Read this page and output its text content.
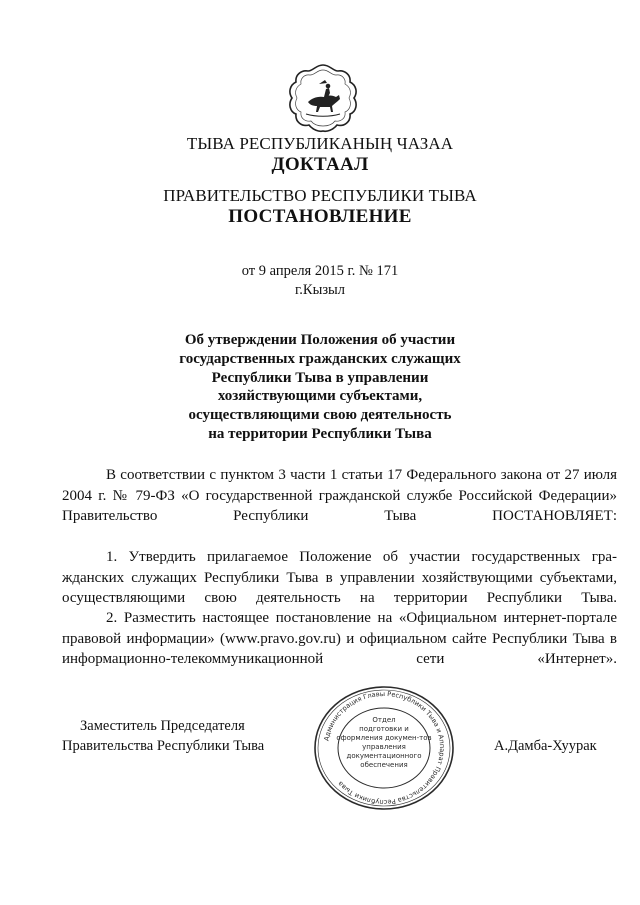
ТЫВА РЕСПУБЛИКАНЫҢ ЧАЗАА
ДОКТААЛ
ПРАВИТЕЛЬСТВО РЕСПУБЛИКИ ТЫВА
ПОСТАНОВЛЕНИЕ
от 9 апреля 2015 г. № 171
г.Кызыл
Об утверждении Положения об участии
государственных гражданских служащих
Республики Тыва в управлении
хозяйствующими субъектами,
осуществляющими свою деятельность
на территории Республики Тыва
В соответствии с пунктом 3 части 1 статьи 17 Федерального закона от 27 июля
2004 г. № 79-ФЗ «О государственной гражданской службе Российской Федерации»
Правительство Республики Тыва ПОСТАНОВЛЯЕТ:
1. Утвердить прилагаемое Положение об участии государственных гра-
жданских служащих Республики Тыва в управлении хозяйствующими субъектами,
осуществляющими свою деятельность на территории Республики Тыва.
2. Разместить настоящее постановление на «Официальном интернет-портале
правовой информации» (www.pravo.gov.ru) и официальном сайте Республики Тыва в
информационно-телекоммуникационной сети «Интернет».
Администрация Главы Республики Тыва и Аппарат Правительства Республики Тыва
Отдел
подготовки и
оформления докумен-тов
управления
документационного
обеспечения
Заместитель Председателя
Правительства Республики Тыва	А.Дамба-Хуурак
